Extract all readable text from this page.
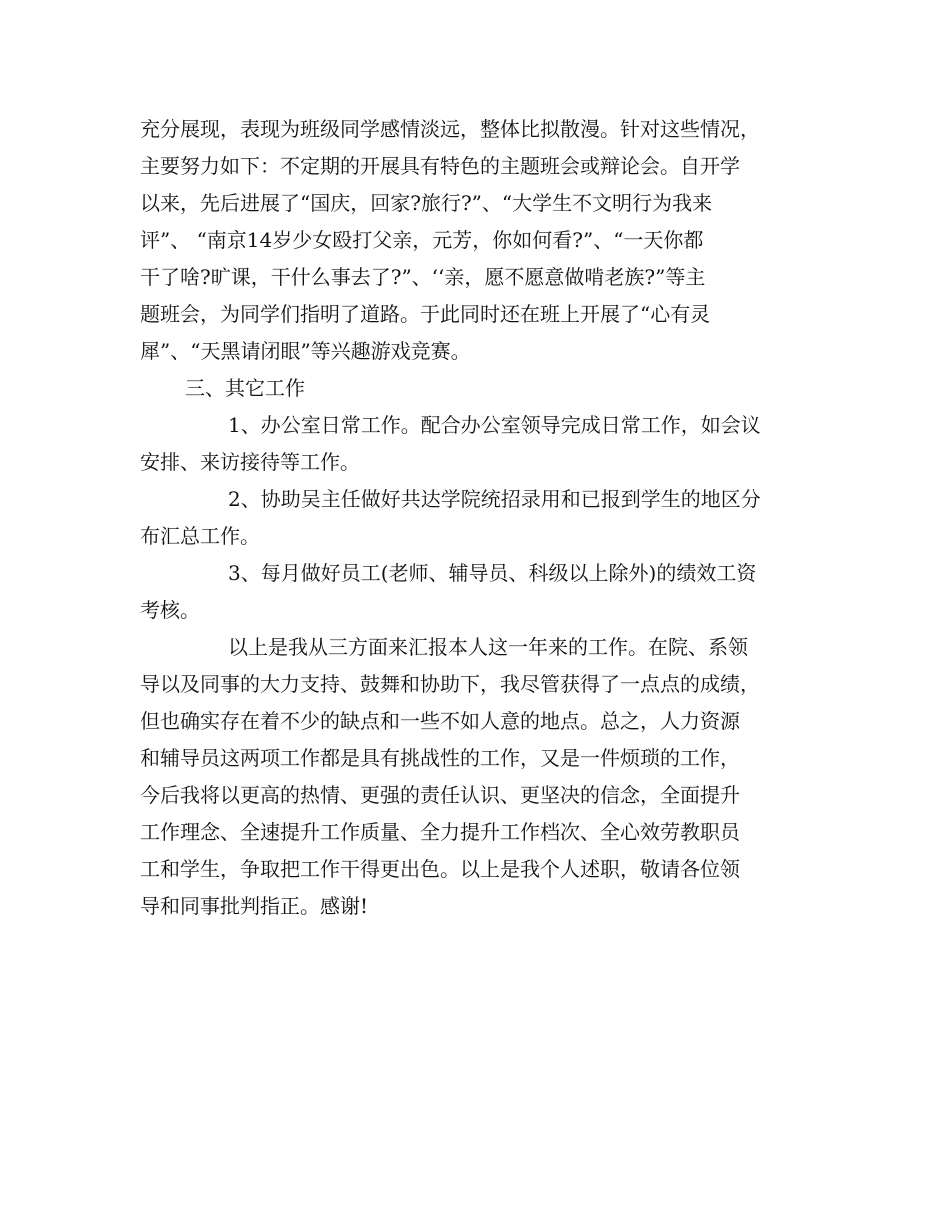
充分展现，表现为班级同学感情淡远，整体比拟散漫。针对这些情况，
主要努力如下：不定期的开展具有特色的主题班会或辩论会。自开学
以来，先后进展了“国庆，回家?旅行?”、“大学生不文明行为我来
评”、 “南京14岁少女殴打父亲，元芳，你如何看?”、“一天你都
干了啥?旷课，干什么事去了?”、‘‘亲，愿不愿意做啃老族?”等主
题班会，为同学们指明了道路。于此同时还在班上开展了“心有灵
犀”、“天黑请闭眼”等兴趣游戏竞赛。
三、其它工作
1、办公室日常工作。配合办公室领导完成日常工作，如会议
安排、来访接待等工作。
2、协助吴主任做好共达学院统招录用和已报到学生的地区分
布汇总工作。
3、每月做好员工(老师、辅导员、科级以上除外)的绩效工资
考核。
以上是我从三方面来汇报本人这一年来的工作。在院、系领
导以及同事的大力支持、鼓舞和协助下，我尽管获得了一点点的成绩，
但也确实存在着不少的缺点和一些不如人意的地点。总之，人力资源
和辅导员这两项工作都是具有挑战性的工作，又是一件烦琐的工作，
今后我将以更高的热情、更强的责任认识、更坚决的信念，全面提升
工作理念、全速提升工作质量、全力提升工作档次、全心效劳教职员
工和学生，争取把工作干得更出色。以上是我个人述职，敬请各位领
导和同事批判指正。感谢!
